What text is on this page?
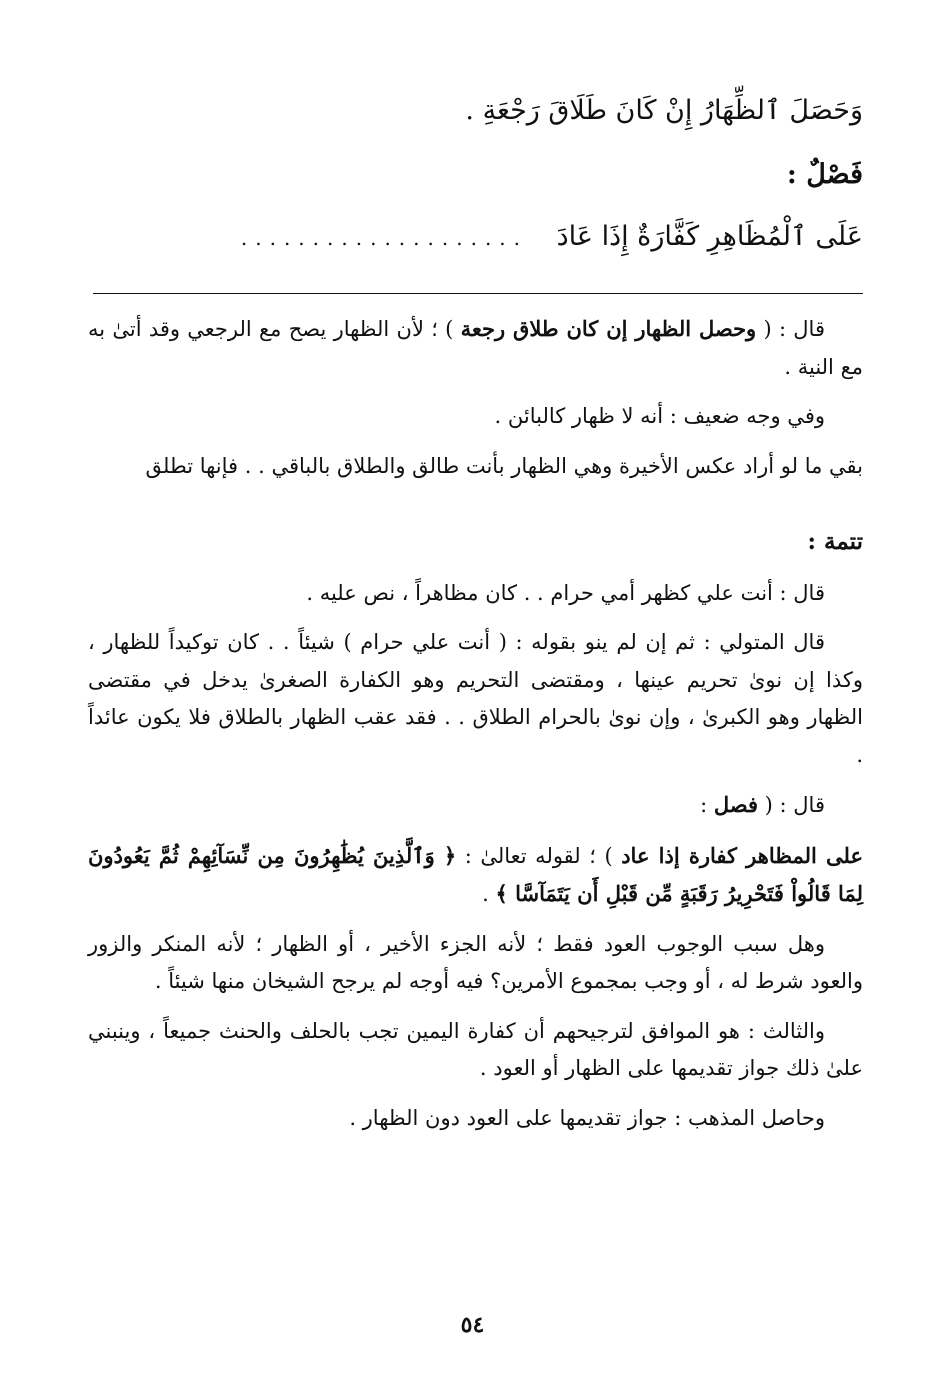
وَحَصَلَ ٱلظِّهَارُ إِنْ كَانَ طَلَاقَ رَجْعَةِ .

فَصْلٌ :

عَلَى ٱلْمُظَاهِرِ كَفَّارَةٌ إِذَا عَادَ ....................

قال : ( وحصل الظهار إن كان طلاق رجعة ) ؛ لأن الظهار يصح مع الرجعي وقد أتىٰ به مع النية .

وفي وجه ضعيف : أنه لا ظهار كالبائن .

بقي ما لو أراد عكس الأخيرة وهي الظهار بأنت طالق والطلاق بالباقي . . فإنها تطلق

تتمة :

قال : أنت علي كظهر أمي حرام . . كان مظاهراً ، نص عليه .

قال المتولي : ثم إن لم ينو بقوله : ( أنت علي حرام ) شيئاً . . كان توكيداً للظهار ، وكذا إن نوىٰ تحريم عينها ، ومقتضى التحريم وهو الكفارة الصغرىٰ يدخل في مقتضى الظهار وهو الكبرىٰ ، وإن نوىٰ بالحرام الطلاق . . فقد عقب الظهار بالطلاق فلا يكون عائداً .

قال : ( فصل :

على المظاهر كفارة إذا عاد ) ؛ لقوله تعالىٰ : ﴿ وَٱلَّذِينَ يُظَٰهِرُونَ مِن نِّسَآئِهِمْ ثُمَّ يَعُودُونَ لِمَا قَالُواْ فَتَحْرِيرُ رَقَبَةٍ مِّن قَبْلِ أَن يَتَمَآسَّا ﴾ .

وهل سبب الوجوب العود فقط ؛ لأنه الجزء الأخير ، أو الظهار ؛ لأنه المنكر والزور والعود شرط له ، أو وجب بمجموع الأمرين؟ فيه أوجه لم يرجح الشيخان منها شيئاً .

والثالث : هو الموافق لترجيحهم أن كفارة اليمين تجب بالحلف والحنث جميعاً ، وينبني علىٰ ذلك جواز تقديمها على الظهار أو العود .

وحاصل المذهب : جواز تقديمها على العود دون الظهار .

٥٤
